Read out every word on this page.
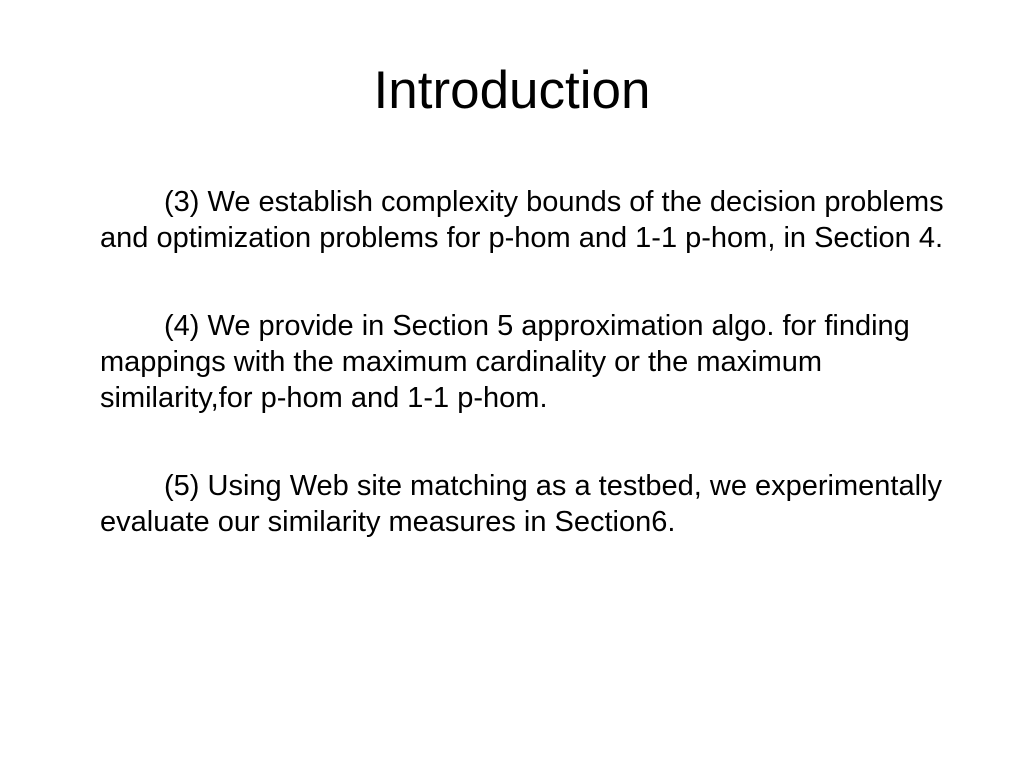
Introduction

(3) We establish complexity bounds of the decision problems and optimization problems for p-hom and 1-1 p-hom, in Section 4.

(4) We provide in Section 5 approximation algo. for finding mappings with the maximum cardinality or the maximum similarity,for p-hom and 1-1 p-hom.

(5) Using Web site matching as a testbed, we experimentally evaluate our similarity measures in Section6.
